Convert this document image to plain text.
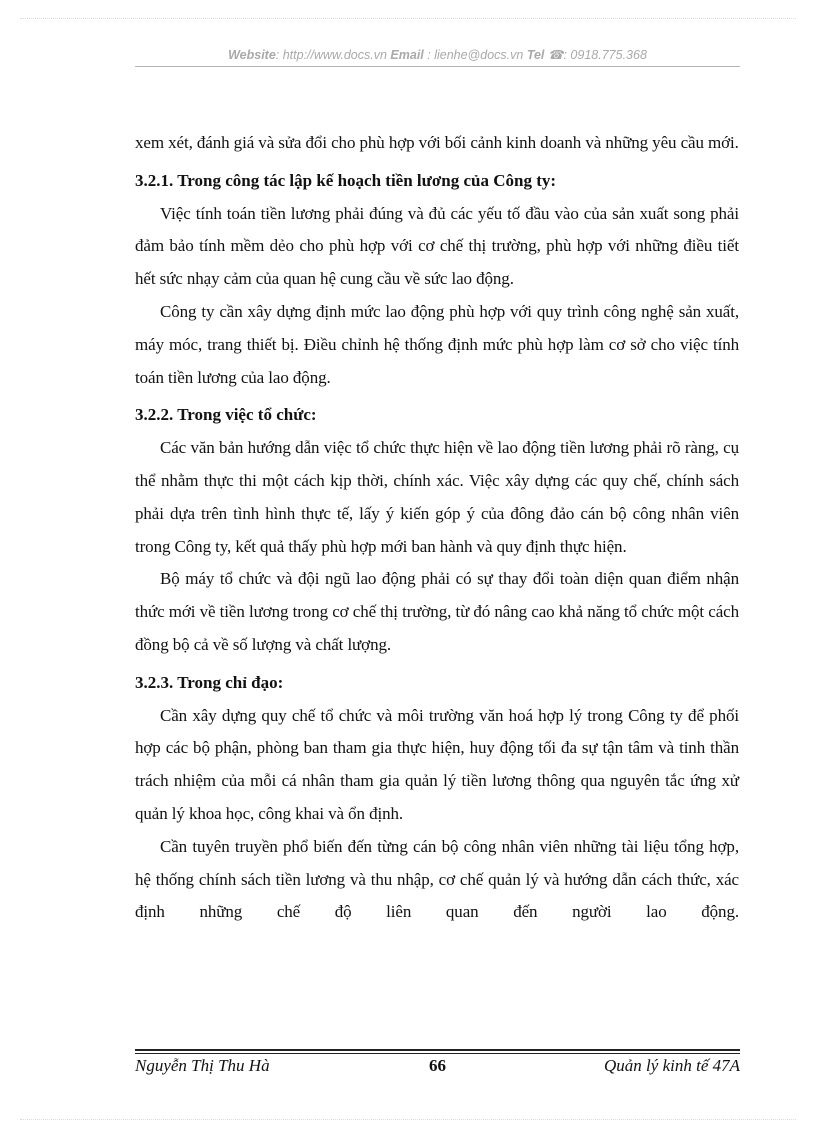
Website: http://www.docs.vn Email : lienhe@docs.vn Tel ☎: 0918.775.368

xem xét, đánh giá và sửa đổi cho phù hợp với bối cảnh kinh doanh và những yêu cầu mới.

3.2.1. Trong công tác lập kế hoạch tiền lương của Công ty:

Việc tính toán tiền lương phải đúng và đủ các yếu tố đầu vào của sản xuất song phải đảm bảo tính mềm dẻo cho phù hợp với cơ chế thị trường, phù hợp với những điều tiết hết sức nhạy cảm của quan hệ cung cầu về sức lao động.

Công ty cần xây dựng định mức lao động phù hợp với quy trình công nghệ sản xuất, máy móc, trang thiết bị. Điều chỉnh hệ thống định mức phù hợp làm cơ sở cho việc tính toán tiền lương của lao động.

3.2.2. Trong việc tổ chức:

Các văn bản hướng dẫn việc tổ chức thực hiện về lao động tiền lương phải rõ ràng, cụ thể nhằm thực thi một cách kịp thời, chính xác. Việc xây dựng các quy chế, chính sách phải dựa trên tình hình thực tế, lấy ý kiến góp ý của đông đảo cán bộ công nhân viên trong Công ty, kết quả thấy phù hợp mới ban hành và quy định thực hiện.

Bộ máy tổ chức và đội ngũ lao động phải có sự thay đổi toàn diện quan điểm nhận thức mới về tiền lương trong cơ chế thị trường, từ đó nâng cao khả năng tổ chức một cách đồng bộ cả về số lượng và chất lượng.

3.2.3. Trong chỉ đạo:

Cần xây dựng quy chế tổ chức và môi trường văn hoá hợp lý trong Công ty để phối hợp các bộ phận, phòng ban tham gia thực hiện, huy động tối đa sự tận tâm và tinh thần trách nhiệm của mỗi cá nhân tham gia quản lý tiền lương thông qua nguyên tắc ứng xử quản lý khoa học, công khai và ổn định.

Cần tuyên truyền phổ biến đến từng cán bộ công nhân viên những tài liệu tổng hợp, hệ thống chính sách tiền lương và thu nhập, cơ chế quản lý và hướng dẫn cách thức, xác định những chế độ liên quan đến người lao động.

Nguyễn Thị Thu Hà	66	Quản lý kinh tế 47A
